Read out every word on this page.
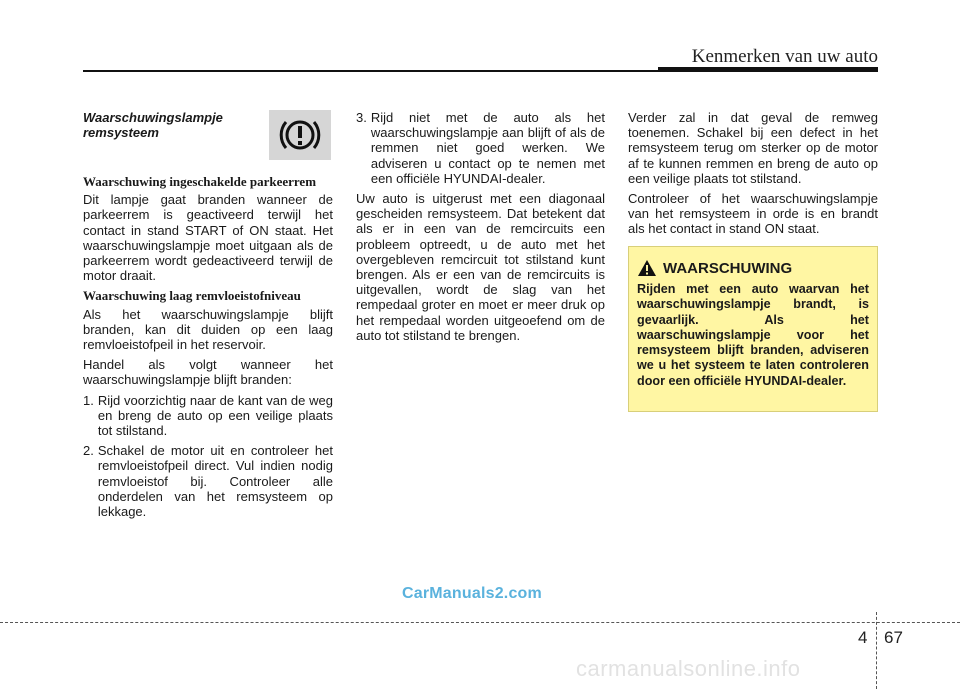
Kenmerken van uw auto
Waarschuwingslampje remsysteem
Waarschuwing ingeschakelde parkeerrem

Dit lampje gaat branden wanneer de parkeerrem is geactiveerd terwijl het contact in stand START of ON staat. Het waarschuwingslampje moet uitgaan als de parkeerrem wordt gedeactiveerd terwijl de motor draait.

Waarschuwing laag remvloeistofniveau

Als het waarschuwingslampje blijft branden, kan dit duiden op een laag remvloeistofpeil in het reservoir.

Handel als volgt wanneer het waarschuwingslampje blijft branden:

1. Rijd voorzichtig naar de kant van de weg en breng de auto op een veilige plaats tot stilstand.
2. Schakel de motor uit en controleer het remvloeistofpeil direct. Vul indien nodig remvloeistof bij. Controleer alle onderdelen van het remsysteem op lekkage.
3. Rijd niet met de auto als het waarschuwingslampje aan blijft of als de remmen niet goed werken. We adviseren u contact op te nemen met een officiële HYUNDAI-dealer.

Uw auto is uitgerust met een diagonaal gescheiden remsysteem. Dat betekent dat als er in een van de remcircuits een probleem optreedt, u de auto met het overgebleven remcircuit tot stilstand kunt brengen. Als er een van de remcircuits is uitgevallen, wordt de slag van het rempedaal groter en moet er meer druk op het rempedaal worden uitgeoefend om de auto tot stilstand te brengen.

Verder zal in dat geval de remweg toenemen. Schakel bij een defect in het remsysteem terug om sterker op de motor af te kunnen remmen en breng de auto op een veilige plaats tot stilstand.

Controleer of het waarschuwingslampje van het remsysteem in orde is en brandt als het contact in stand ON staat.

WAARSCHUWING
Rijden met een auto waarvan het waarschuwingslampje brandt, is gevaarlijk. Als het waarschuwingslampje voor het remsysteem blijft branden, adviseren we u het systeem te laten controleren door een officiële HYUNDAI-dealer.
CarManuals2.com
4 67
carmanualsonline.info
